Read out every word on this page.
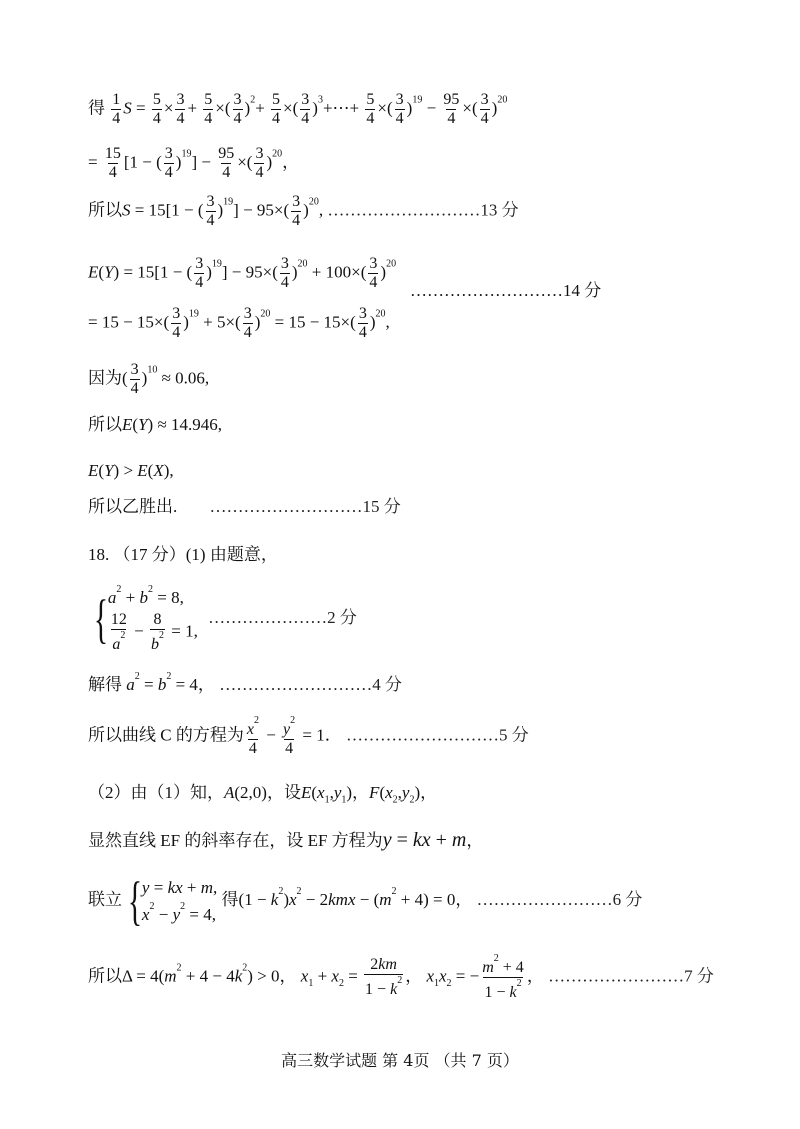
得 $\frac{1}{4}$ $S = \frac{5}{4} \times \frac{3}{4} + \frac{5}{4}$ ×( $\frac{3}{4} )^2+ \frac{5}{4}$ ×( $\frac{3}{4}$ )$^3$+⋯+ $\frac{5}{4}$ ×( $\frac{3}{4} )^{19} - \frac{95}{4}$ ×( $\frac{3}{4} )^{20}$
= $\frac{15}{4} [1$ − ( $\frac{3}{4} )^{19}] - \frac{95}{4}$ ×( $\frac{3}{4} )^{20}$，
所以S = 15[1 − ( $\frac{3}{4} )^{19}] - 95\times( \frac{3}{4} )^{20}$, ………………………13 分
E(Y) = 15[1 − ( $\frac{3}{4} )^{19}] - 95\times( \frac{3}{4} )^{20} + 100\times( \frac{3}{4} )^{20}$
………………………14 分
= $15 - 15\times( \frac{3}{4} )^{19} + 5\times( \frac{3}{4} )^{20} = 15 - 15\times( \frac{3}{4} )^{20}$,
因为( $\frac{3}{4} )^{10} \approx 0.06$,
所以E(Y) ≈ 14.946,
E(Y) > E(X),
所以乙胜出. ………………………15 分
18. （17 分）(1) 由题意，
{ $a^2 + b^2 = 8$,
$\frac{12}{a^2} - \frac{8}{b^2} = 1$,
…………………2 分
解得 $a^2 = b^2 = 4$， ………………………4 分
所以曲线 C 的方程为 $\frac{x^2}{4} - \frac{y^2}{4} = 1$． ………………………5 分
（2）由（1）知，A(2,0)，设$E(x_1,y_1)$，$F(x_2,y_2)$，
显然直线 EF 的斜率存在，设 EF 方程为y = kx + m，
联立 { y = kx + m,
$x^2 - y^2 = 4$,
得$(1 - k^2)x^2 - 2kmx - (m^2 + 4) = 0$， ……………………6 分
所以$\Delta = 4(m^2 + 4 - 4k^2) > 0$， $x_1 + x_2 = \frac{2km}{1 - k^2}$ ， $x_1x_2$ = − $\frac{m^2 + 4}{1 - k^2}$ ， ……………………7 分
高三数学试题 第 4页 （共 7 页）
